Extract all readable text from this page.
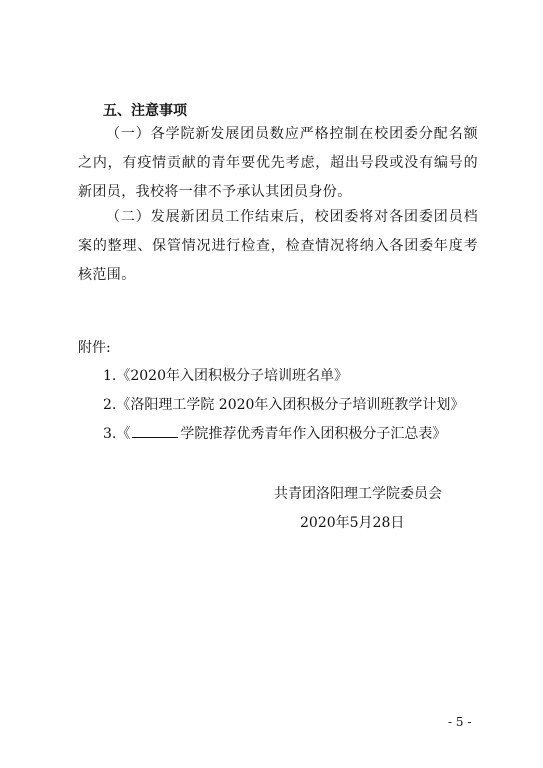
五、注意事项
（一）各学院新发展团员数应严格控制在校团委分配名额之内，有疫情贡献的青年要优先考虑，超出号段或没有编号的新团员，我校将一律不予承认其团员身份。
（二）发展新团员工作结束后，校团委将对各团委团员档案的整理、保管情况进行检查，检查情况将纳入各团委年度考核范围。
附件:
1.《2020年入团积极分子培训班名单》
2.《洛阳理工学院 2020年入团积极分子培训班教学计划》
3.《	学院推荐优秀青年作入团积极分子汇总表》
共青团洛阳理工学院委员会
2020年5月28日
- 5 -
